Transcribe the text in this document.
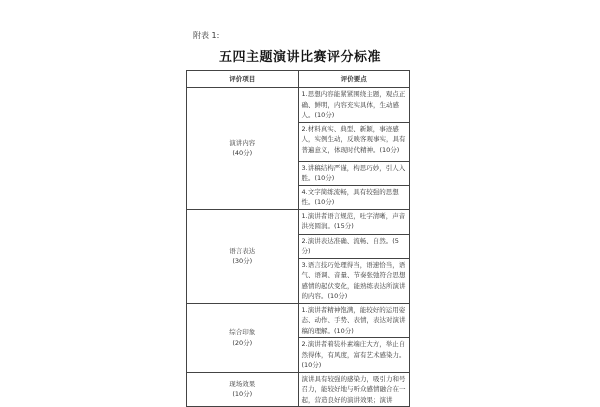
附表 1:
五四主题演讲比赛评分标准
评价项目	评价要点

演讲内容
(40分)	1.思想内容能紧紧围绕主题，观点正确、鲜明，内容充实具体，生动感人。(10分)
	2.材料真实、典型、新颖，事迹感人，实例生动，反映客观事实，具有普遍意义，体现时代精神。(10分)
	3.讲稿结构严谨，构思巧妙，引人入胜。(10分)
	4.文字简练流畅，具有较强的思想性。(10分)

语言表达
(30分)	1.演讲者语言规范，吐字清晰，声音洪亮圆润。(15分)
	2.演讲表达准确、流畅、自然。(5分)
	3.语言技巧处理得当，语速恰当，语气、语调、音量、节奏张弛符合思想感情的起伏变化，能熟练表达所演讲的内容。(10分)

综合印象
(20分)	1.演讲者精神饱满，能较好的运用姿态、动作、手势、表情，表达对演讲稿的理解。(10分)
	2.演讲者着装朴素端庄大方，举止自然得体，有风度，富有艺术感染力。(10分)

现场效果
(10分)	演讲具有较强的感染力，吸引力和号召力，能较好地与听众感情融合在一起，营造良好的演讲效果；演讲
